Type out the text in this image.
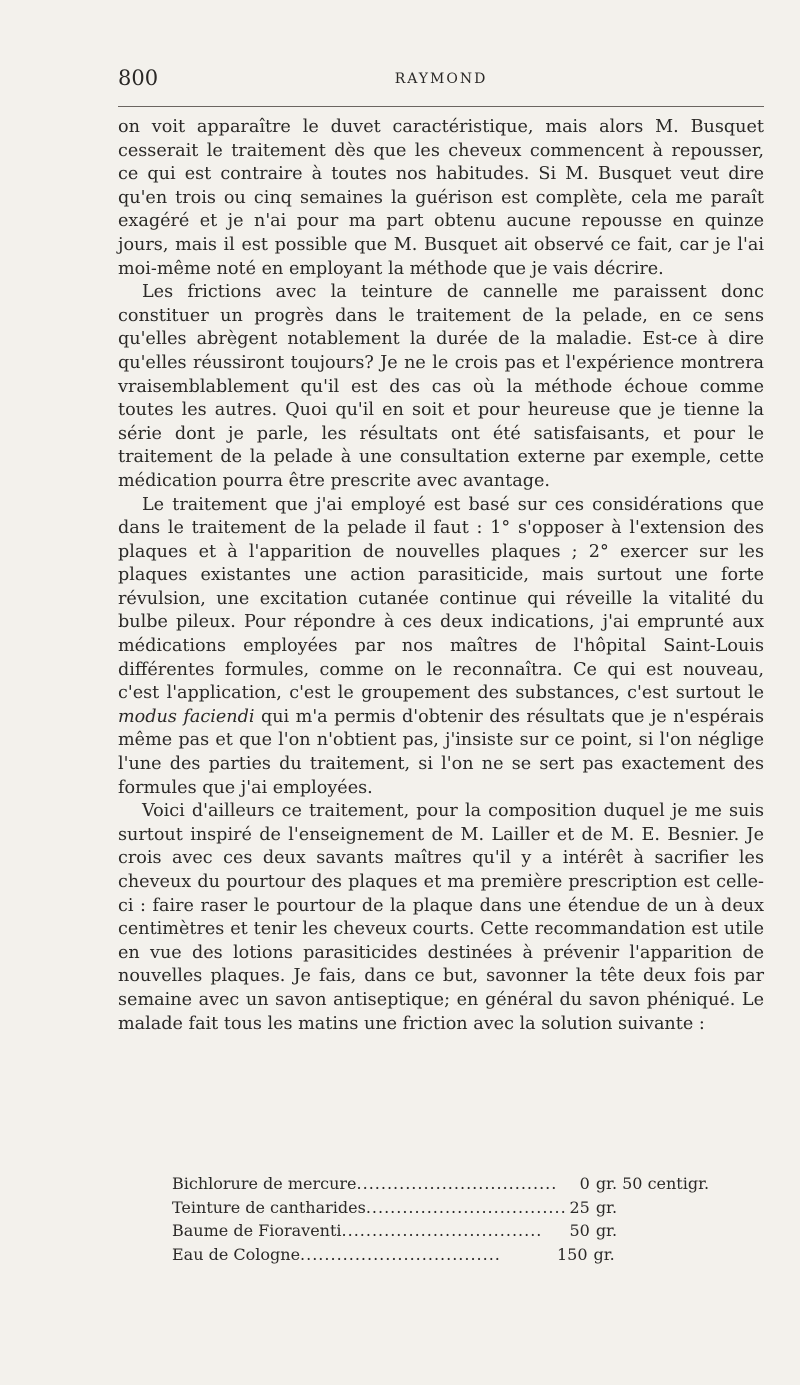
800	RAYMOND

on voit apparaître le duvet caractéristique, mais alors M. Busquet cesserait le traitement dès que les cheveux commencent à repousser, ce qui est contraire à toutes nos habitudes. Si M. Busquet veut dire qu'en trois ou cinq semaines la guérison est complète, cela me paraît exagéré et je n'ai pour ma part obtenu aucune repousse en quinze jours, mais il est possible que M. Busquet ait observé ce fait, car je l'ai moi-même noté en employant la méthode que je vais décrire.

Les frictions avec la teinture de cannelle me paraissent donc constituer un progrès dans le traitement de la pelade, en ce sens qu'elles abrègent notablement la durée de la maladie. Est-ce à dire qu'elles réussiront toujours? Je ne le crois pas et l'expérience montrera vraisemblablement qu'il est des cas où la méthode échoue comme toutes les autres. Quoi qu'il en soit et pour heureuse que je tienne la série dont je parle, les résultats ont été satisfaisants, et pour le traitement de la pelade à une consultation externe par exemple, cette médication pourra être prescrite avec avantage.

Le traitement que j'ai employé est basé sur ces considérations que dans le traitement de la pelade il faut : 1° s'opposer à l'extension des plaques et à l'apparition de nouvelles plaques ; 2° exercer sur les plaques existantes une action parasiticide, mais surtout une forte révulsion, une excitation cutanée continue qui réveille la vitalité du bulbe pileux. Pour répondre à ces deux indications, j'ai emprunté aux médications employées par nos maîtres de l'hôpital Saint-Louis différentes formules, comme on le reconnaîtra. Ce qui est nouveau, c'est l'application, c'est le groupement des substances, c'est surtout le modus faciendi qui m'a permis d'obtenir des résultats que je n'espérais même pas et que l'on n'obtient pas, j'insiste sur ce point, si l'on néglige l'une des parties du traitement, si l'on ne se sert pas exactement des formules que j'ai employées.

Voici d'ailleurs ce traitement, pour la composition duquel je me suis surtout inspiré de l'enseignement de M. Lailler et de M. E. Besnier. Je crois avec ces deux savants maîtres qu'il y a intérêt à sacrifier les cheveux du pourtour des plaques et ma première prescription est celle-ci : faire raser le pourtour de la plaque dans une étendue de un à deux centimètres et tenir les cheveux courts. Cette recommandation est utile en vue des lotions parasiticides destinées à prévenir l'apparition de nouvelles plaques. Je fais, dans ce but, savonner la tête deux fois par semaine avec un savon antiseptique; en général du savon phéniqué. Le malade fait tous les matins une friction avec la solution suivante :

Bichlorure de mercure.................................	0 gr. 50 centigr.
Teinture de cantharides................................. 25 gr.
Baume de Fioraventi.................................	50 gr.
Eau de Cologne.................................	150 gr.
